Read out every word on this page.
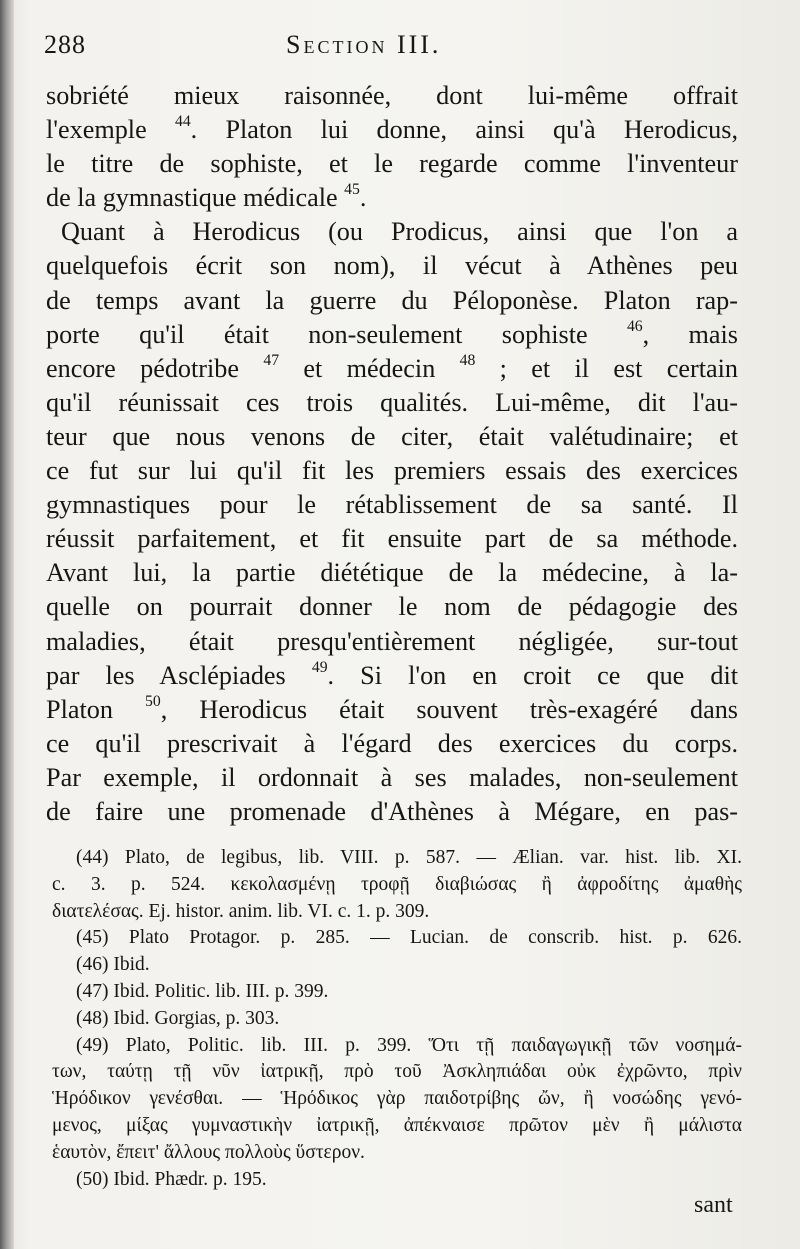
288	Section III.
sobriété mieux raisonnée, dont lui-même offrait
l'exemple $^{44}$. Platon lui donne, ainsi qu'à Herodicus,
le titre de sophiste, et le regarde comme l'inventeur
de la gymnastique médicale $^{45}$.
Quant à Herodicus (ou Prodicus, ainsi que l'on a
quelquefois écrit son nom), il vécut à Athènes peu
de temps avant la guerre du Péloponèse. Platon rap-
porte qu'il était non-seulement sophiste $^{46}$, mais
encore pédotribe $^{47}$ et médecin $^{48}$ ; et il est certain
qu'il réunissait ces trois qualités. Lui-même, dit l'au-
teur que nous venons de citer, était valétudinaire; et
ce fut sur lui qu'il fit les premiers essais des exercices
gymnastiques pour le rétablissement de sa santé. Il
réussit parfaitement, et fit ensuite part de sa méthode.
Avant lui, la partie diététique de la médecine, à la-
quelle on pourrait donner le nom de pédagogie des
maladies, était presqu'entièrement négligée, sur-tout
par les Asclépiades $^{49}$. Si l'on en croit ce que dit
Platon $^{50}$, Herodicus était souvent très-exagéré dans
ce qu'il prescrivait à l'égard des exercices du corps.
Par exemple, il ordonnait à ses malades, non-seulement
de faire une promenade d'Athènes à Mégare, en pas-
(44) Plato, de legibus, lib. VIII. p. 587. — Ælian. var. hist. lib. XI.
c. 3. p. 524. κεκολασμένῃ τροφῇ διαβιώσας ἢ ἀφροδίτης ἀμαθὴς
διατελέσας. Ej. histor. anim. lib. VI. c. 1. p. 309.
(45) Plato Protagor. p. 285. — Lucian. de conscrib. hist. p. 626.
(46) Ibid.
(47) Ibid. Politic. lib. III. p. 399.
(48) Ibid. Gorgias, p. 303.
(49) Plato, Politic. lib. III. p. 399. Ὅτι τῇ παιδαγωγικῇ τῶν νοσημά-
των, ταύτῃ τῇ νῦν ἰατρικῇ, πρὸ τοῦ Ἀσκληπιάδαι οὐκ ἐχρῶντο, πρὶν
Ἡρόδικον γενέσθαι. — Ἡρόδικος γὰρ παιδοτρίβης ὤν, ἢ νοσώδης γενό-
μενος, μίξας γυμναστικὴν ἰατρικῇ, ἀπέκναισε πρῶτον μὲν ἢ μάλιστα
ἑαυτὸν, ἔπειτ' ἄλλους πολλοὺς ὕστερον.
(50) Ibid. Phædr. p. 195.
sant
